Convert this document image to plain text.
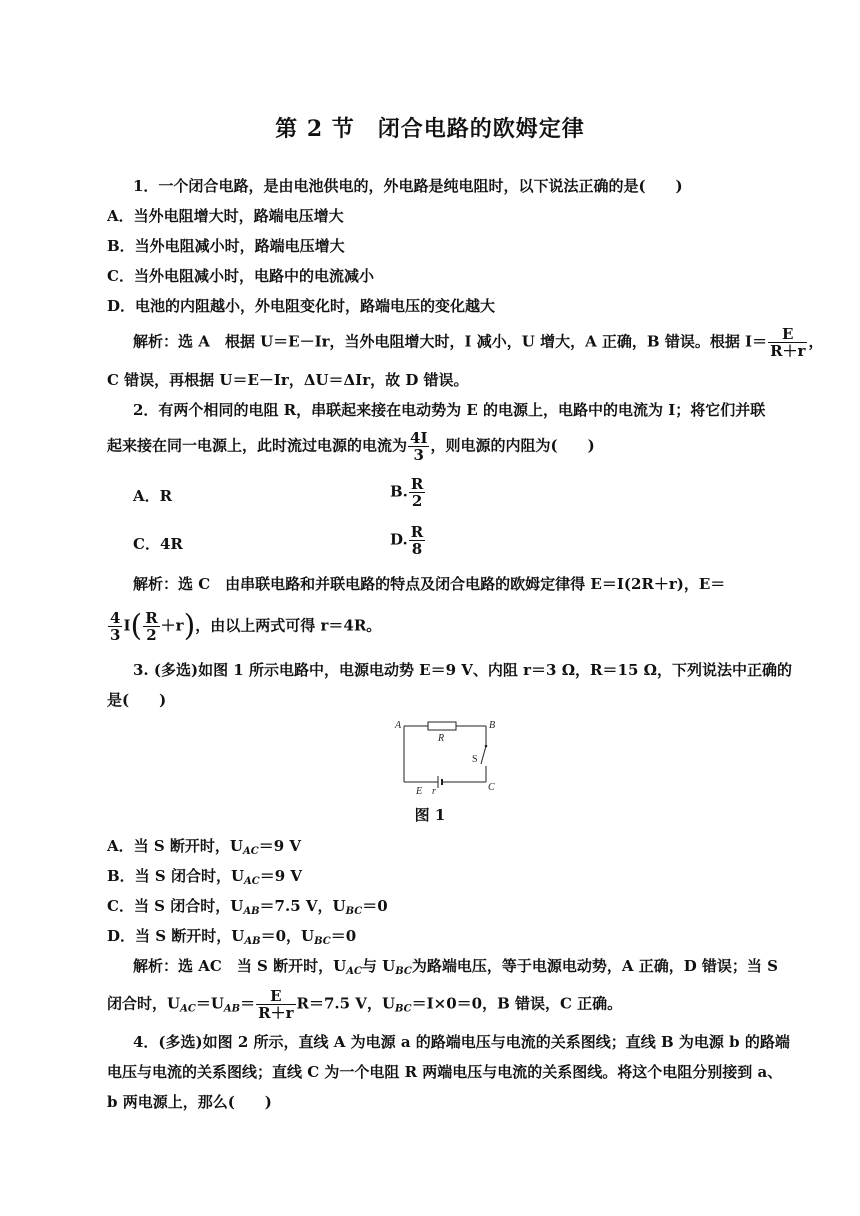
第 2 节　闭合电路的欧姆定律
1．一个闭合电路，是由电池供电的，外电路是纯电阻时，以下说法正确的是(　　)
A．当外电阻增大时，路端电压增大
B．当外电阻减小时，路端电压增大
C．当外电阻减小时，电路中的电流减小
D．电池的内阻越小，外电阻变化时，路端电压的变化越大
解析：选 A　根据 U＝E－Ir，当外电阻增大时，I 减小，U 增大，A 正确，B 错误。根据 $I= \frac{E}{R+r}$ ，
C 错误，再根据 U＝E－Ir，ΔU＝ΔIr，故 D 错误。
2．有两个相同的电阻 R，串联起来接在电动势为 E 的电源上，电路中的电流为 I；将它们并联
起来接在同一电源上，此时流过电源的电流为 $\frac{4I}{3}$ ，则电源的内阻为(　　)
A．R	B. $\frac{R}{2}$
C．4R	D. $\frac{R}{8}$
解析：选 C　由串联电路和并联电路的特点及闭合电路的欧姆定律得 E＝I(2R＋r)，E＝
$\frac{4}{3} I( \frac{R}{2} +r)$，由以上两式可得 r＝4R。
3. (多选)如图 1 所示电路中，电源电动势 E＝9 V、内阻 r＝3 Ω，R＝15 Ω，下列说法中正确的
是(　　)
A	B
R
S
C
E r
图 1
A．当 S 断开时，$U_{AC}=9$ V
B．当 S 闭合时，$U_{AC}=9$ V
C．当 S 闭合时，$U_{AB}=7.5$ V，$U_{BC}=0$
D．当 S 断开时，$U_{AB}=0$，$U_{BC}=0$
解析：选 AC　当 S 断开时，$U_{AC}$与 $U_{BC}$为路端电压，等于电源电动势，A 正确，D 错误；当 S
闭合时，$U_{AC}=U_{AB}= \frac{E}{R+r} R=7.5$ V，$U_{BC}=I\times 0=0$，B 错误，C 正确。
4．(多选)如图 2 所示，直线 A 为电源 a 的路端电压与电流的关系图线；直线 B 为电源 b 的路端
电压与电流的关系图线；直线 C 为一个电阻 R 两端电压与电流的关系图线。将这个电阻分别接到 a、
b 两电源上，那么(　　)
